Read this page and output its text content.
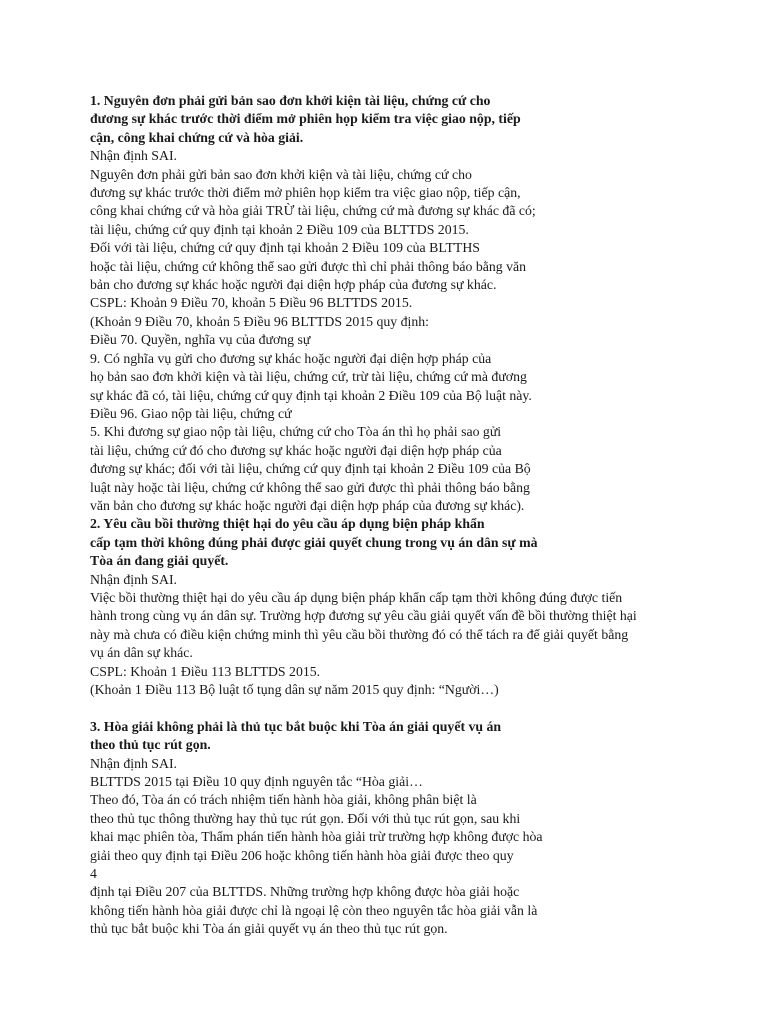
1. Nguyên đơn phải gửi bản sao đơn khởi kiện tài liệu, chứng cứ cho
đương sự khác trước thời điểm mở phiên họp kiểm tra việc giao nộp, tiếp
cận, công khai chứng cứ và hòa giải.
Nhận định SAI.
Nguyên đơn phải gửi bản sao đơn khởi kiện và tài liệu, chứng cứ cho
đương sự khác trước thời điểm mở phiên họp kiểm tra việc giao nộp, tiếp cận,
công khai chứng cứ và hòa giải TRỪ tài liệu, chứng cứ mà đương sự khác đã có;
tài liệu, chứng cứ quy định tại khoản 2 Điều 109 của BLTTDS 2015.
Đối với tài liệu, chứng cứ quy định tại khoản 2 Điều 109 của BLTTHS
hoặc tài liệu, chứng cứ không thể sao gửi được thì chỉ phải thông báo bằng văn
bản cho đương sự khác hoặc người đại diện hợp pháp của đương sự khác.
CSPL: Khoản 9 Điều 70, khoản 5 Điều 96 BLTTDS 2015.
(Khoản 9 Điều 70, khoản 5 Điều 96 BLTTDS 2015 quy định:
Điều 70. Quyền, nghĩa vụ của đương sự
9. Có nghĩa vụ gửi cho đương sự khác hoặc người đại diện hợp pháp của
họ bản sao đơn khởi kiện và tài liệu, chứng cứ, trừ tài liệu, chứng cứ mà đương
sự khác đã có, tài liệu, chứng cứ quy định tại khoản 2 Điều 109 của Bộ luật này.
Điều 96. Giao nộp tài liệu, chứng cứ
5. Khi đương sự giao nộp tài liệu, chứng cứ cho Tòa án thì họ phải sao gửi
tài liệu, chứng cứ đó cho đương sự khác hoặc người đại diện hợp pháp của
đương sự khác; đối với tài liệu, chứng cứ quy định tại khoản 2 Điều 109 của Bộ
luật này hoặc tài liệu, chứng cứ không thể sao gửi được thì phải thông báo bằng
văn bản cho đương sự khác hoặc người đại diện hợp pháp của đương sự khác).
2. Yêu cầu bồi thường thiệt hại do yêu cầu áp dụng biện pháp khẩn
cấp tạm thời không đúng phải được giải quyết chung trong vụ án dân sự mà
Tòa án đang giải quyết.
Nhận định SAI.
Việc bồi thường thiệt hại do yêu cầu áp dụng biện pháp khẩn cấp tạm thời không đúng được tiến
hành trong cùng vụ án dân sự. Trường hợp đương sự yêu cầu giải quyết vấn đề bồi thường thiệt hại
này mà chưa có điều kiện chứng minh thì yêu cầu bồi thường đó có thể tách ra để giải quyết bằng
vụ án dân sự khác.
CSPL: Khoản 1 Điều 113 BLTTDS 2015.
(Khoản 1 Điều 113 Bộ luật tố tụng dân sự năm 2015 quy định: “Người…)
3. Hòa giải không phải là thủ tục bắt buộc khi Tòa án giải quyết vụ án
theo thủ tục rút gọn.
Nhận định SAI.
BLTTDS 2015 tại Điều 10 quy định nguyên tắc “Hòa giải…
Theo đó, Tòa án có trách nhiệm tiến hành hòa giải, không phân biệt là
theo thủ tục thông thường hay thủ tục rút gọn. Đối với thủ tục rút gọn, sau khi
khai mạc phiên tòa, Thẩm phán tiến hành hòa giải trừ trường hợp không được hòa
giải theo quy định tại Điều 206 hoặc không tiến hành hòa giải được theo quy
4
định tại Điều 207 của BLTTDS. Những trường hợp không được hòa giải hoặc
không tiến hành hòa giải được chỉ là ngoại lệ còn theo nguyên tắc hòa giải vẫn là
thủ tục bắt buộc khi Tòa án giải quyết vụ án theo thủ tục rút gọn.
